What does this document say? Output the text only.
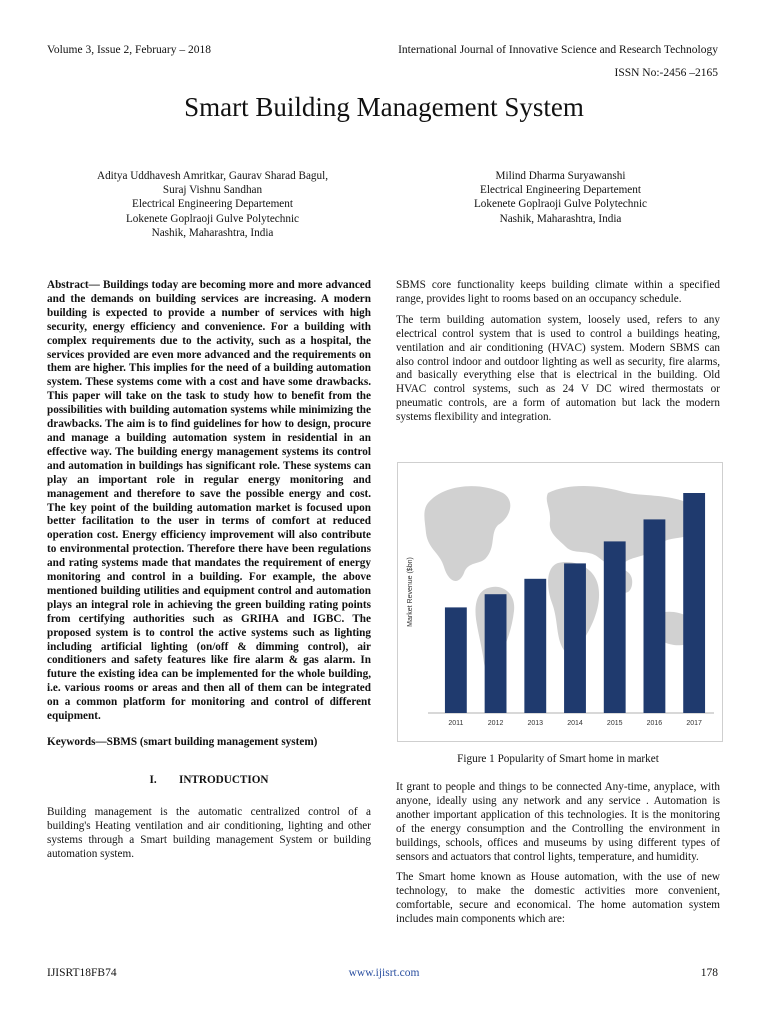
Volume 3, Issue 2, February – 2018	International Journal of Innovative Science and Research Technology
ISSN No:-2456 –2165
Smart Building Management System
Aditya Uddhavesh Amritkar, Gaurav Sharad Bagul,
Suraj Vishnu Sandhan
Electrical Engineering Departement
Lokenete Goplraoji Gulve Polytechnic
Nashik, Maharashtra, India
Milind Dharma Suryawanshi
Electrical Engineering Departement
Lokenete Goplraoji Gulve Polytechnic
Nashik, Maharashtra, India

Abstract— Buildings today are becoming more and more advanced and the demands on building services are increasing. A modern building is expected to provide a number of services with high security, energy efficiency and convenience. For a building with complex requirements due to the activity, such as a hospital, the services provided are even more advanced and the requirements on them are higher. This implies for the need of a building automation system. These systems come with a cost and have some drawbacks. This paper will take on the task to study how to benefit from the possibilities with building automation systems while minimizing the drawbacks. The aim is to find guidelines for how to design, procure and manage a building automation system in residential in an effective way. The building energy management systems its control and automation in buildings has significant role. These systems can play an important role in regular energy monitoring and management and therefore to save the possible energy and cost. The key point of the building automation market is focused upon better facilitation to the user in terms of comfort at reduced operation cost. Energy efficiency improvement will also contribute to environmental protection. Therefore there have been regulations and rating systems made that mandates the requirement of energy monitoring and control in a building. For example, the above mentioned building utilities and equipment control and automation plays an integral role in achieving the green building rating points from certifying authorities such as GRIHA and IGBC. The proposed system is to control the active systems such as lighting including artificial lighting (on/off & dimming control), air conditioners and safety features like fire alarm & gas alarm. In future the existing idea can be implemented for the whole building, i.e. various rooms or areas and then all of them can be integrated on a common platform for monitoring and control of different equipment.

Keywords—SBMS (smart building management system)

I.        INTRODUCTION

Building management is the automatic centralized control of a building's Heating ventilation and air conditioning, lighting and other systems through a Smart building management System or building automation system.

SBMS core functionality keeps building climate within a specified range, provides light to rooms based on an occupancy schedule.

The term building automation system, loosely used, refers to any electrical control system that is used to control a buildings heating, ventilation and air conditioning (HVAC) system. Modern SBMS can also control indoor and outdoor lighting as well as security, fire alarms, and basically everything else that is electrical in the building. Old HVAC control systems, such as 24 V DC wired thermostats or pneumatic controls, are a form of automation but lack the modern systems flexibility and integration.

Market Revenue ($bn)
2011	2012	2013	2014	2015	2016	2017
Figure 1 Popularity of Smart home in market

It grant to people and things to be connected Any-time, anyplace, with anyone, ideally using any network and any service . Automation is another important application of this technologies. It is the monitoring of the energy consumption and the Controlling the environment in buildings, schools, offices and museums by using different types of sensors and actuators that control lights, temperature, and humidity.

The Smart home known as House automation, with the use of new technology, to make the domestic activities more convenient, comfortable, secure and economical. The home automation system includes main components which are:

IJISRT18FB74	www.ijisrt.com	178
